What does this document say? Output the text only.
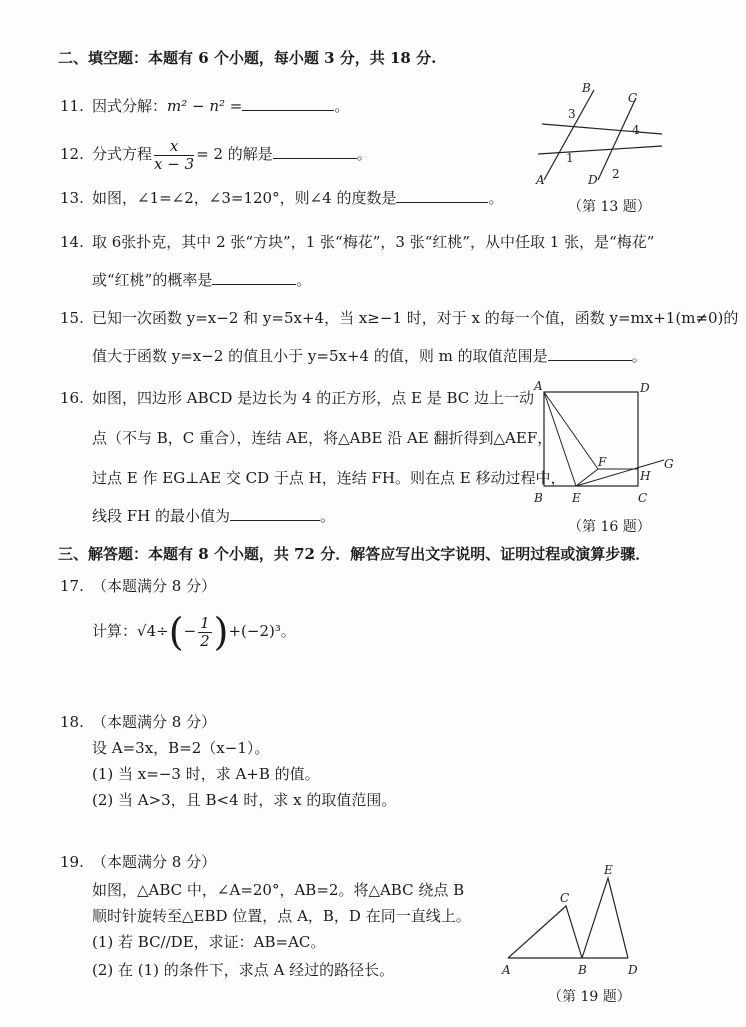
二、填空题：本题有 6 个小题，每小题 3 分，共 18 分.
11. 因式分解：m² − n² =	。
12. 分式方程 $\frac{x}{x - 3} = 2$ 的解是	。
13. 如图，∠1=∠2，∠3=120°，则∠4 的度数是	。
A
B
C
D
1
2
3
4
（第 13 题）
14. 取 6张扑克，其中 2 张“方块”，1 张“梅花”，3 张“红桃”，从中任取 1 张，是“梅花”
或“红桃”的概率是	。
15. 已知一次函数 y=x−2 和 y=5x+4，当 x≥−1 时，对于 x 的每一个值，函数 y=mx+1(m≠0)的
值大于函数 y=x−2 的值且小于 y=5x+4 的值，则 m 的取值范围是	。
16. 如图，四边形 ABCD 是边长为 4 的正方形，点 E 是 BC 边上一动
点（不与 B，C 重合），连结 AE，将△ABE 沿 AE 翻折得到△AEF，
过点 E 作 EG⊥AE 交 CD 于点 H，连结 FH。则在点 E 移动过程中，
线段 FH 的最小值为	。
A	D
B	C
E
F	G
H
（第 16 题）
三、解答题：本题有 8 个小题，共 72 分．解答应写出文字说明、证明过程或演算步骤．
17. （本题满分 8 分）
计算：$√4\div(- \frac{1}{2} )+(-2)^3$。
18. （本题满分 8 分）
设 A=3x，B=2（x−1）。
(1) 当 x=−3 时，求 A+B 的值。
(2) 当 A>3，且 B<4 时，求 x 的取值范围。
19. （本题满分 8 分）
如图，△ABC 中，∠A=20°，AB=2。将△ABC 绕点 B
顺时针旋转至△EBD 位置，点 A，B，D 在同一直线上。
(1) 若 BC//DE，求证：AB=AC。
(2) 在 (1) 的条件下，求点 A 经过的路径长。	A	B
C
D
E
（第 19 题）
